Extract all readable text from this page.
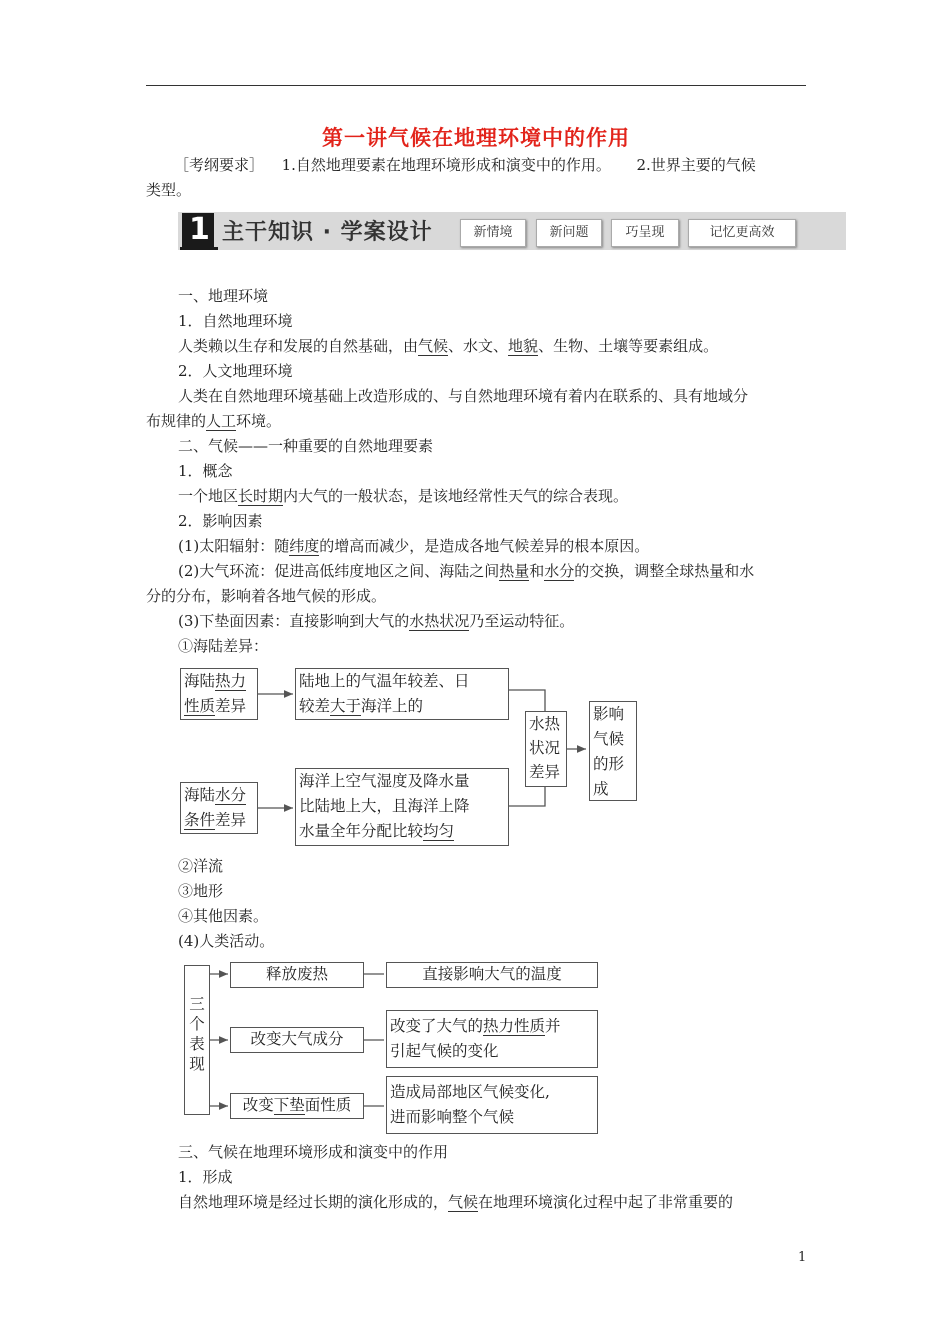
第一讲气候在地理环境中的作用
［考纲要求］ 1.自然地理要素在地理环境形成和演变中的作用。 2.世界主要的气候
类型。
1 主干知识 · 学案设计	新情境	新问题	巧呈现	记忆更高效
一、地理环境
1．自然地理环境
人类赖以生存和发展的自然基础，由气候、水文、地貌、生物、土壤等要素组成。
2．人文地理环境
人类在自然地理环境基础上改造形成的、与自然地理环境有着内在联系的、具有地域分
布规律的人工环境。
二、气候——一种重要的自然地理要素
1．概念
一个地区长时期内大气的一般状态，是该地经常性天气的综合表现。
2．影响因素
(1)太阳辐射：随纬度的增高而减少，是造成各地气候差异的根本原因。
(2)大气环流：促进高低纬度地区之间、海陆之间热量和水分的交换，调整全球热量和水
分的分布，影响着各地气候的形成。
(3)下垫面因素：直接影响到大气的水热状况乃至运动特征。
①海陆差异：
海陆热力
性质差异
陆地上的气温年较差、日
较差大于海洋上的
海陆水分
条件差异
海洋上空气湿度及降水量
比陆地上大，且海洋上降
水量全年分配比较均匀
水热
状况
差异
影响
气候
的形
成
②洋流
③地形
④其他因素。
(4)人类活动。
三
个
表
现
释放废热	直接影响大气的温度
改变大气成分
改变了大气的热力性质并
引起气候的变化
改变下垫面性质
造成局部地区气候变化,
进而影响整个气候
三、气候在地理环境形成和演变中的作用
1．形成
自然地理环境是经过长期的演化形成的，气候在地理环境演化过程中起了非常重要的
1
